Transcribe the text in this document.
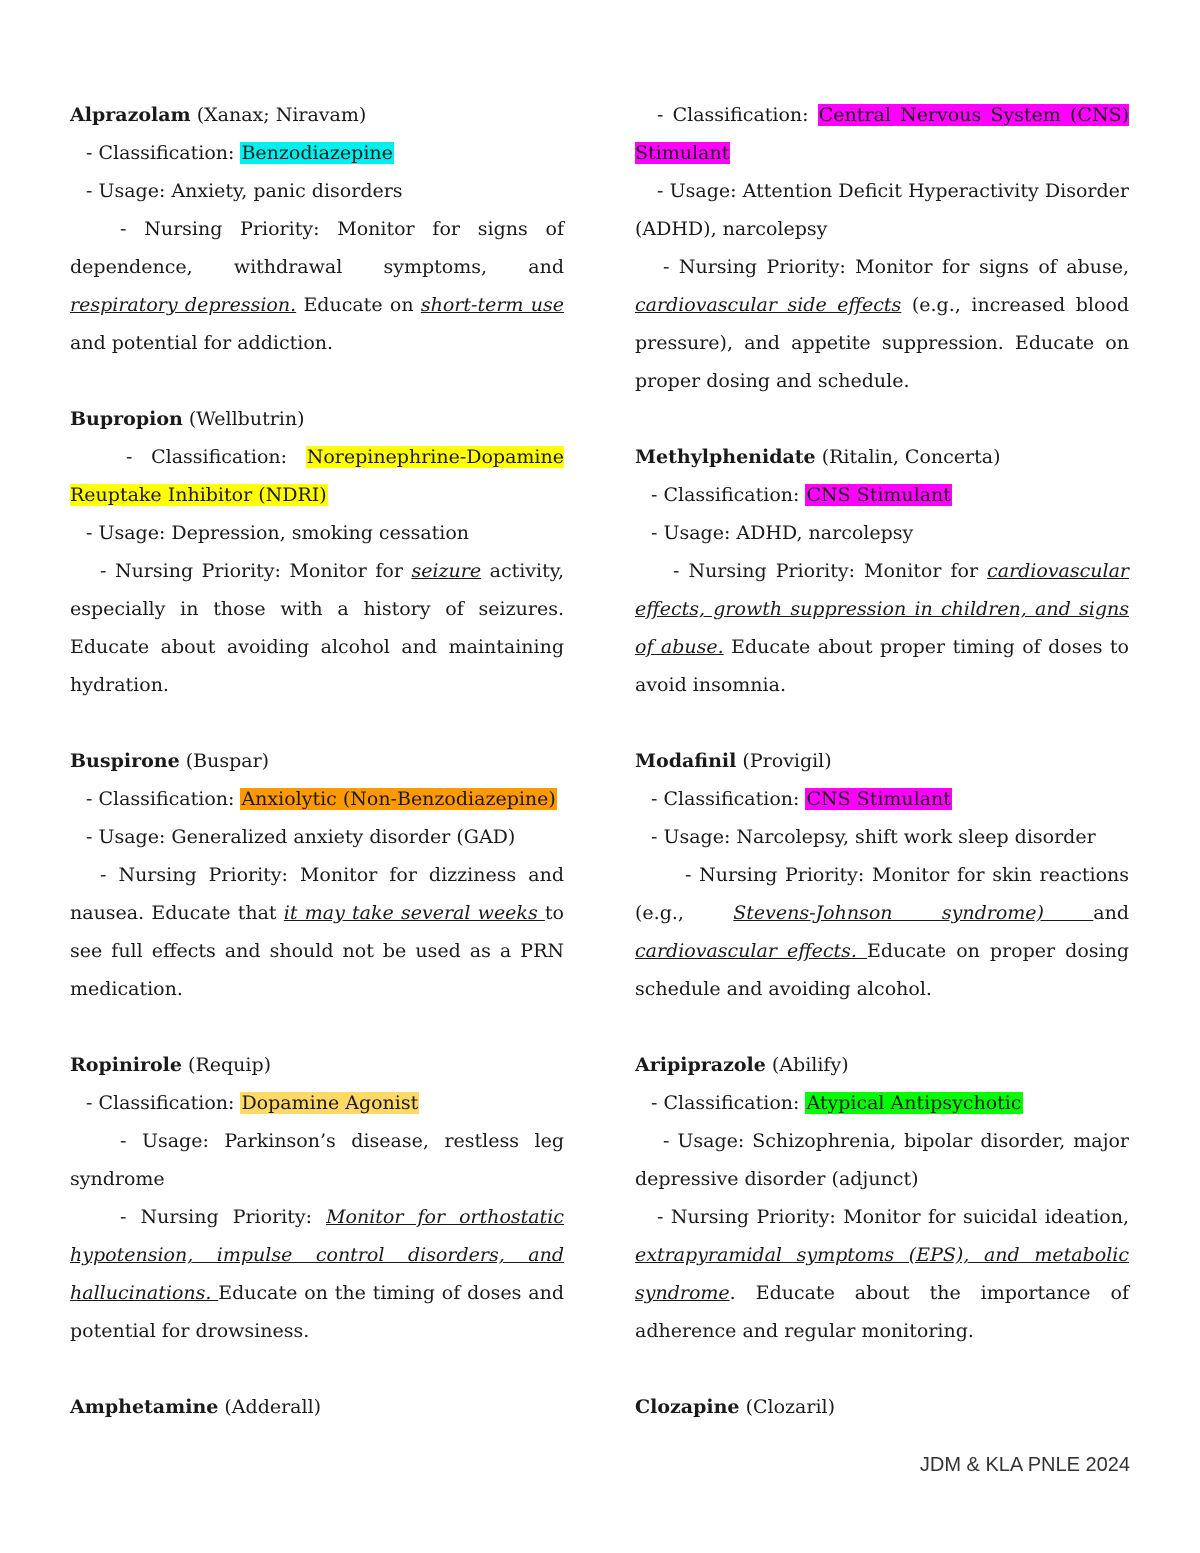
Alprazolam (Xanax; Niravam)

- Classification: Benzodiazepine

- Usage: Anxiety, panic disorders

- Nursing Priority: Monitor for signs of dependence, withdrawal symptoms, and respiratory depression. Educate on short-term use and potential for addiction.

Bupropion (Wellbutrin)

- Classification: Norepinephrine-Dopamine Reuptake Inhibitor (NDRI)

- Usage: Depression, smoking cessation

- Nursing Priority: Monitor for seizure activity, especially in those with a history of seizures. Educate about avoiding alcohol and maintaining hydration.

Buspirone (Buspar)

- Classification: Anxiolytic (Non-Benzodiazepine)

- Usage: Generalized anxiety disorder (GAD)

- Nursing Priority: Monitor for dizziness and nausea. Educate that it may take several weeks to see full effects and should not be used as a PRN medication.

Ropinirole (Requip)

- Classification: Dopamine Agonist

- Usage: Parkinson’s disease, restless leg syndrome

- Nursing Priority: Monitor for orthostatic hypotension, impulse control disorders, and hallucinations. Educate on the timing of doses and potential for drowsiness.

Amphetamine (Adderall)

- Classification: Central Nervous System (CNS) Stimulant

- Usage: Attention Deficit Hyperactivity Disorder (ADHD), narcolepsy

- Nursing Priority: Monitor for signs of abuse, cardiovascular side effects (e.g., increased blood pressure), and appetite suppression. Educate on proper dosing and schedule.

Methylphenidate (Ritalin, Concerta)

- Classification: CNS Stimulant

- Usage: ADHD, narcolepsy

- Nursing Priority: Monitor for cardiovascular effects, growth suppression in children, and signs of abuse. Educate about proper timing of doses to avoid insomnia.

Modafinil (Provigil)

- Classification: CNS Stimulant

- Usage: Narcolepsy, shift work sleep disorder

- Nursing Priority: Monitor for skin reactions (e.g., Stevens-Johnson syndrome) and cardiovascular effects. Educate on proper dosing schedule and avoiding alcohol.

Aripiprazole (Abilify)

- Classification: Atypical Antipsychotic

- Usage: Schizophrenia, bipolar disorder, major depressive disorder (adjunct)

- Nursing Priority: Monitor for suicidal ideation, extrapyramidal symptoms (EPS), and metabolic syndrome. Educate about the importance of adherence and regular monitoring.

Clozapine (Clozaril)

JDM & KLA PNLE 2024
